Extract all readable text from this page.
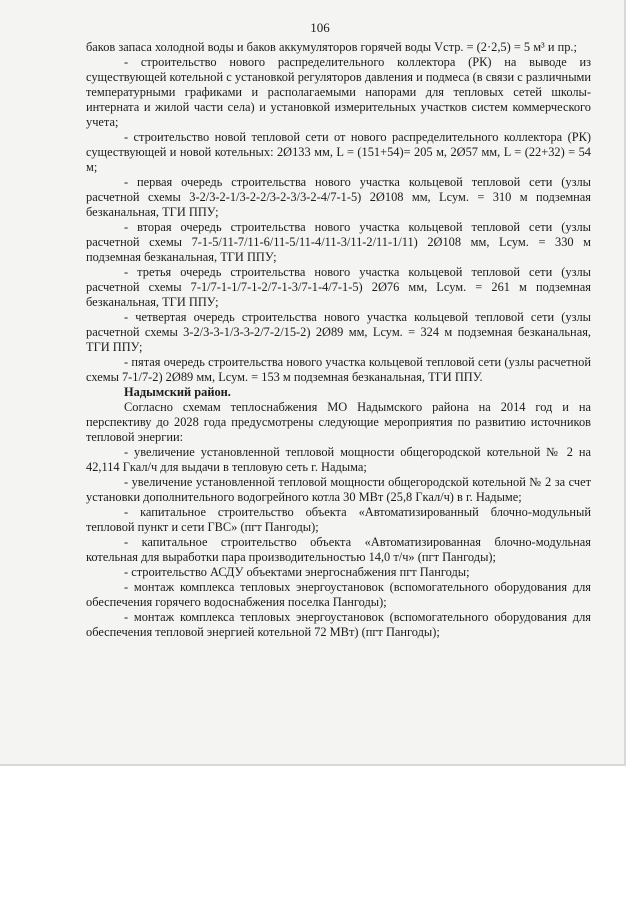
106

баков запаса холодной воды и баков аккумуляторов горячей воды Vстр. = (2·2,5) = 5 м³ и пр.;

- строительство нового распределительного коллектора (РК) на выводе из существующей котельной с установкой регуляторов давления и подмеса (в связи с различными температурными графиками и располагаемыми напорами для тепловых сетей школы-интерната и жилой части села) и установкой измерительных участков систем коммерческого учета;

- строительство новой тепловой сети от нового распределительного коллектора (РК) существующей и новой котельных: 2Ø133 мм, L = (151+54)= 205 м, 2Ø57 мм, L = (22+32) = 54 м;

- первая очередь строительства нового участка кольцевой тепловой сети (узлы расчетной схемы 3-2/3-2-1/3-2-2/3-2-3/3-2-4/7-1-5) 2Ø108 мм, Lсум. = 310 м подземная безканальная, ТГИ ППУ;

- вторая очередь строительства нового участка кольцевой тепловой сети (узлы расчетной схемы 7-1-5/11-7/11-6/11-5/11-4/11-3/11-2/11-1/11) 2Ø108 мм, Lсум. = 330 м подземная безканальная, ТГИ ППУ;

- третья очередь строительства нового участка кольцевой тепловой сети (узлы расчетной схемы 7-1/7-1-1/7-1-2/7-1-3/7-1-4/7-1-5) 2Ø76 мм, Lсум. = 261 м подземная безканальная, ТГИ ППУ;

- четвертая очередь строительства нового участка кольцевой тепловой сети (узлы расчетной схемы 3-2/3-3-1/3-3-2/7-2/15-2) 2Ø89 мм, Lсум. = 324 м подземная безканальная, ТГИ ППУ;

- пятая очередь строительства нового участка кольцевой тепловой сети (узлы расчетной схемы 7-1/7-2) 2Ø89 мм, Lсум. = 153 м подземная безканальная, ТГИ ППУ.

Надымский район.

Согласно схемам теплоснабжения МО Надымского района на 2014 год и на перспективу до 2028 года предусмотрены следующие мероприятия по развитию источников тепловой энергии:

- увеличение установленной тепловой мощности общегородской котельной № 2 на 42,114 Гкал/ч для выдачи в тепловую сеть г. Надыма;

- увеличение установленной тепловой мощности общегородской котельной № 2 за счет установки дополнительного водогрейного котла 30 МВт (25,8 Гкал/ч) в г. Надыме;

- капитальное строительство объекта «Автоматизированный блочно-модульный тепловой пункт и сети ГВС» (пгт Пангоды);

- капитальное строительство объекта «Автоматизированная блочно-модульная котельная для выработки пара производительностью 14,0 т/ч» (пгт Пангоды);

- строительство АСДУ объектами энергоснабжения пгт Пангоды;

- монтаж комплекса тепловых энергоустановок (вспомогательного оборудования для обеспечения горячего водоснабжения поселка Пангоды);

- монтаж комплекса тепловых энергоустановок (вспомогательного оборудования для обеспечения тепловой энергией котельной 72 МВт) (пгт Пангоды);
